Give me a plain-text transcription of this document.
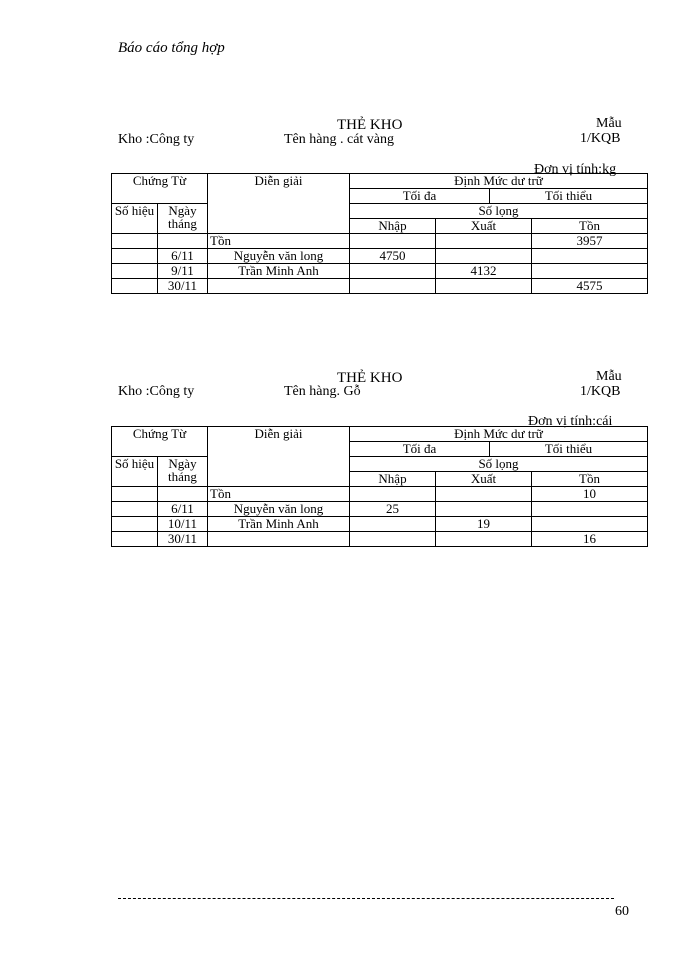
Báo cáo tổng hợp
THẺ KHO	Mẫu
Kho :Công ty	Tên hàng . cát vàng	1/KQB
Đơn vị tính:kg
Chứng Từ		Diễn giải	Định Mức dư trữ			
			Tối đa		Tối thiểu	
Số hiệu	Ngày tháng		Số lọng			
			Nhập	Xuất		Tồn
		Tồn				3957
	6/11	Nguyễn văn long	4750			
	9/11	Trần Minh Anh		4132		
	30/11					4575
THẺ KHO	Mẫu
Kho :Công ty	Tên hàng. Gỗ	1/KQB
Đơn vị tính:cái
Chứng Từ		Diễn giải	Định Mức dư trữ			
			Tối đa		Tối thiểu	
Số hiệu	Ngày tháng		Số lọng			
			Nhập	Xuất		Tồn
		Tồn				10
	6/11	Nguyễn văn long	25			
	10/11	Trần Minh Anh		19		
	30/11					16
60
